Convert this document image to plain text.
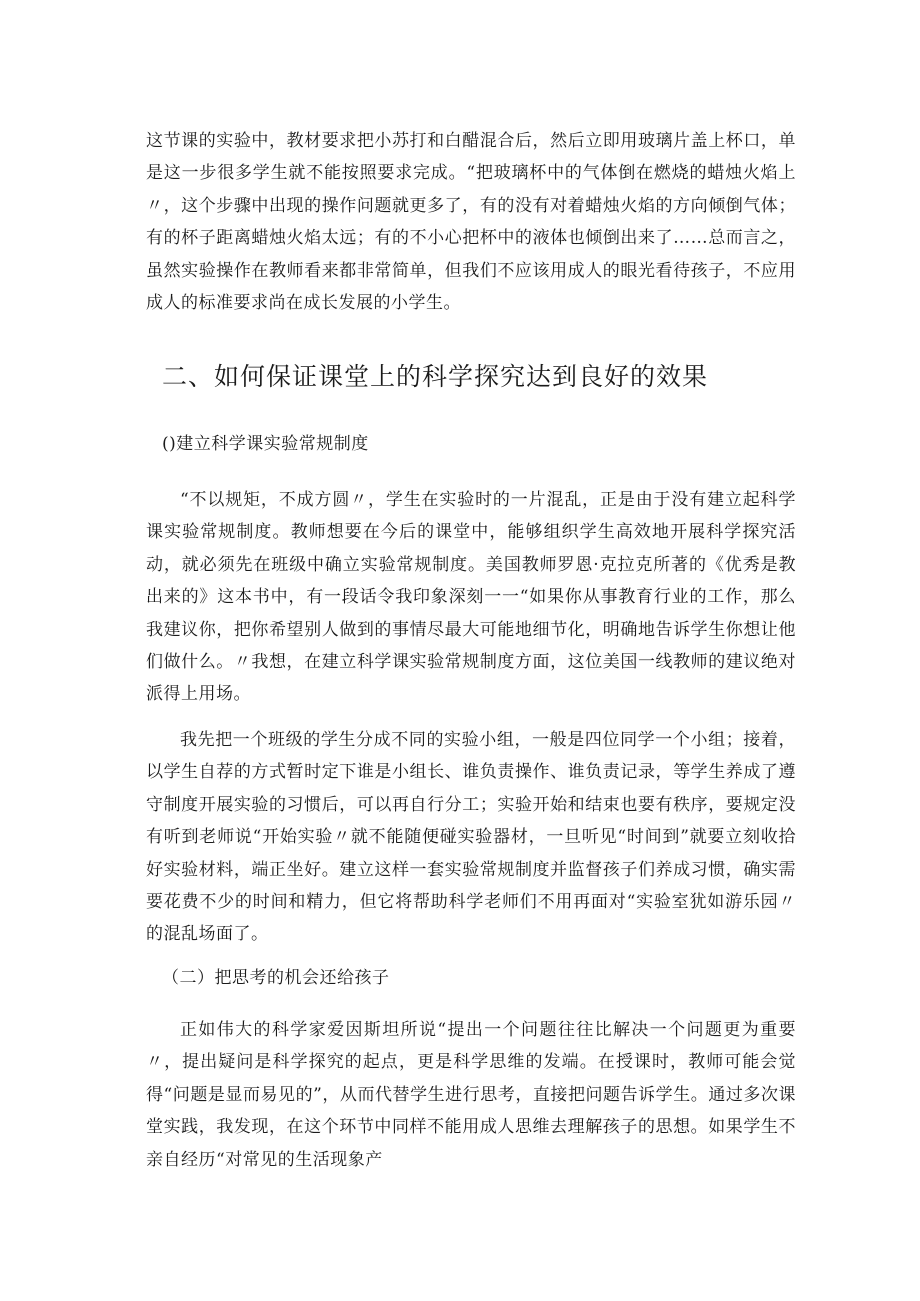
这节课的实验中，教材要求把小苏打和白醋混合后，然后立即用玻璃片盖上杯口，单是这一步很多学生就不能按照要求完成。“把玻璃杯中的气体倒在燃烧的蜡烛火焰上〃，这个步骤中出现的操作问题就更多了，有的没有对着蜡烛火焰的方向倾倒气体；有的杯子距离蜡烛火焰太远；有的不小心把杯中的液体也倾倒出来了……总而言之，虽然实验操作在教师看来都非常简单，但我们不应该用成人的眼光看待孩子，不应用成人的标准要求尚在成长发展的小学生。

二、如何保证课堂上的科学探究达到良好的效果

()建立科学课实验常规制度

“不以规矩，不成方圆〃，学生在实验时的一片混乱，正是由于没有建立起科学课实验常规制度。教师想要在今后的课堂中，能够组织学生高效地开展科学探究活动，就必须先在班级中确立实验常规制度。美国教师罗恩·克拉克所著的《优秀是教出来的》这本书中，有一段话令我印象深刻一一“如果你从事教育行业的工作，那么我建议你，把你希望别人做到的事情尽最大可能地细节化，明确地告诉学生你想让他们做什么。〃我想，在建立科学课实验常规制度方面，这位美国一线教师的建议绝对派得上用场。

我先把一个班级的学生分成不同的实验小组，一般是四位同学一个小组；接着，以学生自荐的方式暂时定下谁是小组长、谁负责操作、谁负责记录，等学生养成了遵守制度开展实验的习惯后，可以再自行分工；实验开始和结束也要有秩序，要规定没有听到老师说“开始实验〃就不能随便碰实验器材，一旦听见“时间到”就要立刻收拾好实验材料，端正坐好。建立这样一套实验常规制度并监督孩子们养成习惯，确实需要花费不少的时间和精力，但它将帮助科学老师们不用再面对“实验室犹如游乐园〃的混乱场面了。

（二）把思考的机会还给孩子

正如伟大的科学家爱因斯坦所说“提出一个问题往往比解决一个问题更为重要〃，提出疑问是科学探究的起点，更是科学思维的发端。在授课时，教师可能会觉得“问题是显而易见的”，从而代替学生进行思考，直接把问题告诉学生。通过多次课堂实践，我发现，在这个环节中同样不能用成人思维去理解孩子的思想。如果学生不亲自经历“对常见的生活现象产
